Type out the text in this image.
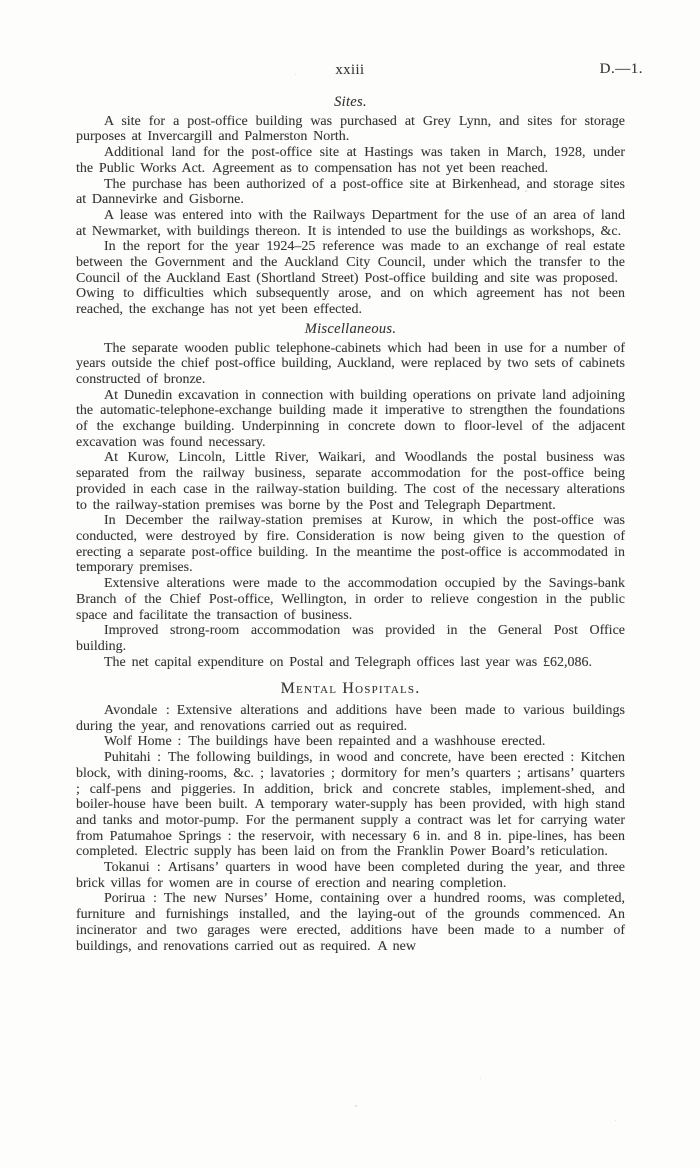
xxiii	D.—1.
Sites.

A site for a post-office building was purchased at Grey Lynn, and sites for storage purposes at Invercargill and Palmerston North.

Additional land for the post-office site at Hastings was taken in March, 1928, under the Public Works Act. Agreement as to compensation has not yet been reached.

The purchase has been authorized of a post-office site at Birkenhead, and storage sites at Dannevirke and Gisborne.

A lease was entered into with the Railways Department for the use of an area of land at Newmarket, with buildings thereon. It is intended to use the buildings as workshops, &c.

In the report for the year 1924–25 reference was made to an exchange of real estate between the Government and the Auckland City Council, under which the transfer to the Council of the Auckland East (Shortland Street) Post-office building and site was proposed. Owing to difficulties which subsequently arose, and on which agreement has not been reached, the exchange has not yet been effected.

Miscellaneous.

The separate wooden public telephone-cabinets which had been in use for a number of years outside the chief post-office building, Auckland, were replaced by two sets of cabinets constructed of bronze.

At Dunedin excavation in connection with building operations on private land adjoining the automatic-telephone-exchange building made it imperative to strengthen the foundations of the exchange building. Underpinning in concrete down to floor-level of the adjacent excavation was found necessary.

At Kurow, Lincoln, Little River, Waikari, and Woodlands the postal business was separated from the railway business, separate accommodation for the post-office being provided in each case in the railway-station building. The cost of the necessary alterations to the railway-station premises was borne by the Post and Telegraph Department.

In December the railway-station premises at Kurow, in which the post-office was conducted, were destroyed by fire. Consideration is now being given to the question of erecting a separate post-office building. In the meantime the post-office is accommodated in temporary premises.

Extensive alterations were made to the accommodation occupied by the Savings-bank Branch of the Chief Post-office, Wellington, in order to relieve congestion in the public space and facilitate the transaction of business.

Improved strong-room accommodation was provided in the General Post Office building.

The net capital expenditure on Postal and Telegraph offices last year was £62,086.

Mental Hospitals.

Avondale : Extensive alterations and additions have been made to various buildings during the year, and renovations carried out as required.

Wolf Home : The buildings have been repainted and a washhouse erected.

Puhitahi : The following buildings, in wood and concrete, have been erected : Kitchen block, with dining-rooms, &c. ; lavatories ; dormitory for men’s quarters ; artisans’ quarters ; calf-pens and piggeries. In addition, brick and concrete stables, implement-shed, and boiler-house have been built. A temporary water-supply has been provided, with high stand and tanks and motor-pump. For the permanent supply a contract was let for carrying water from Patumahoe Springs : the reservoir, with necessary 6 in. and 8 in. pipe-lines, has been completed. Electric supply has been laid on from the Franklin Power Board’s reticulation.

Tokanui : Artisans’ quarters in wood have been completed during the year, and three brick villas for women are in course of erection and nearing completion.

Porirua : The new Nurses’ Home, containing over a hundred rooms, was completed, furniture and furnishings installed, and the laying-out of the grounds commenced. An incinerator and two garages were erected, additions have been made to a number of buildings, and renovations carried out as required. A new
